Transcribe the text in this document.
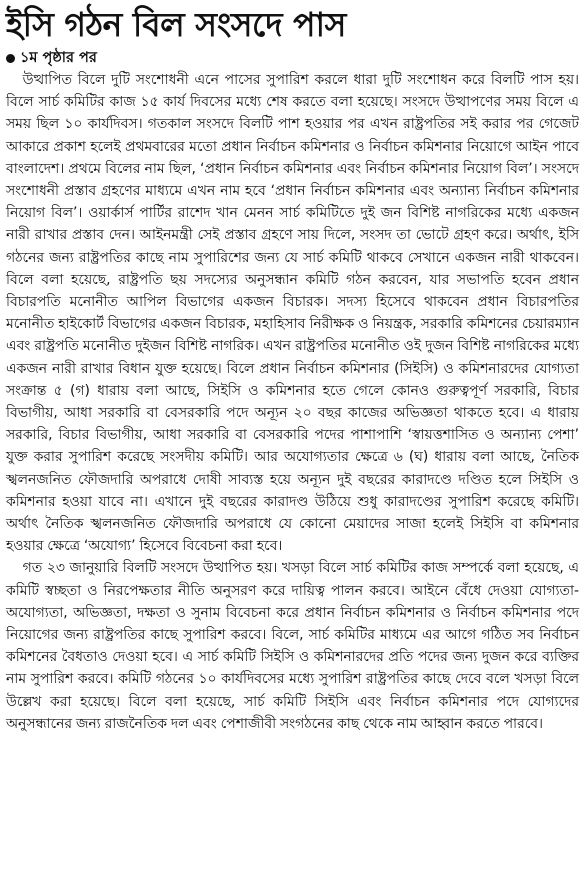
ইসি গঠন বিল সংসদে পাস
১ম পৃষ্ঠার পর

উত্থাপিত বিলে দুটি সংশোধনী এনে পাসের সুপারিশ করলে ধারা দুটি সংশোধন করে বিলটি পাস হয়। বিলে সার্চ কমিটির কাজ ১৫ কার্য দিবসের মধ্যে শেষ করতে বলা হয়েছে। সংসদে উত্থাপণের সময় বিলে এ সময় ছিল ১০ কার্যদিবস। গতকাল সংসদে বিলটি পাশ হওয়ার পর এখন রাষ্ট্রপতির সই করার পর গেজেট আকারে প্রকাশ হলেই প্রথমবারের মতো প্রধান নির্বাচন কমিশনার ও নির্বাচন কমিশনার নিয়োগে আইন পাবে বাংলাদেশ। প্রথমে বিলের নাম ছিল, ‘প্রধান নির্বাচন কমিশনার এবং নির্বাচন কমিশনার নিয়োগ বিল’। সংসদে সংশোধনী প্রস্তাব গ্রহণের মাধ্যমে এখন নাম হবে ‘প্রধান নির্বাচন কমিশনার এবং অন্যান্য নির্বাচন কমিশনার নিয়োগ বিল’। ওয়ার্কার্স পার্টির রাশেদ খান মেনন সার্চ কমিটিতে দুই জন বিশিষ্ট নাগরিকের মধ্যে একজন নারী রাখার প্রস্তাব দেন। আইনমন্ত্রী সেই প্রস্তাব গ্রহণে সায় দিলে, সংসদ তা ভোটে গ্রহণ করে। অর্থাৎ, ইসি গঠনের জন্য রাষ্ট্রপতির কাছে নাম সুপারিশের জন্য যে সার্চ কমিটি থাকবে সেখানে একজন নারী থাকবেন। বিলে বলা হয়েছে, রাষ্ট্রপতি ছয় সদস্যের অনুসন্ধান কমিটি গঠন করবেন, যার সভাপতি হবেন প্রধান বিচারপতি মনোনীত আপিল বিভাগের একজন বিচারক। সদস্য হিসেবে থাকবেন প্রধান বিচারপতির মনোনীত হাইকোর্ট বিভাগের একজন বিচারক, মহাহিসাব নিরীক্ষক ও নিয়ন্ত্রক, সরকারি কমিশনের চেয়ারম্যান এবং রাষ্ট্রপতি মনোনীত দুইজন বিশিষ্ট নাগরিক। এখন রাষ্ট্রপতির মনোনীত ওই দুজন বিশিষ্ট নাগরিকের মধ্যে একজন নারী রাখার বিধান যুক্ত হয়েছে। বিলে প্রধান নির্বাচন কমিশনার (সিইসি) ও কমিশনারদের যোগ্যতা সংক্রান্ত ৫ (গ) ধারায় বলা আছে, সিইসি ও কমিশনার হতে গেলে কোনও গুরুত্বপূর্ণ সরকারি, বিচার বিভাগীয়, আধা সরকারি বা বেসরকারি পদে অন্যূন ২০ বছর কাজের অভিজ্ঞতা থাকতে হবে। এ ধারায় সরকারি, বিচার বিভাগীয়, আধা সরকারি বা বেসরকারি পদের পাশাপাশি ‘স্বায়ত্তশাসিত ও অন্যান্য পেশা’ যুক্ত করার সুপারিশ করেছে সংসদীয় কমিটি। আর অযোগ্যতার ক্ষেত্রে ৬ (ঘ) ধারায় বলা আছে, নৈতিক স্খলনজনিত ফৌজদারি অপরাধে দোষী সাব্যস্ত হয়ে অন্যূন দুই বছরের কারাদণ্ডে দণ্ডিত হলে সিইসি ও কমিশনার হওয়া যাবে না। এখানে দুই বছরের কারাদণ্ড উঠিয়ে শুধু কারাদণ্ডের সুপারিশ করেছে কমিটি। অর্থাৎ নৈতিক স্খলনজনিত ফৌজদারি অপরাধে যে কোনো মেয়াদের সাজা হলেই সিইসি বা কমিশনার হওয়ার ক্ষেত্রে ‘অযোগ্য’ হিসেবে বিবেচনা করা হবে।

গত ২৩ জানুয়ারি বিলটি সংসদে উত্থাপিত হয়। খসড়া বিলে সার্চ কমিটির কাজ সম্পর্কে বলা হয়েছে, এ কমিটি স্বচ্ছতা ও নিরপেক্ষতার নীতি অনুসরণ করে দায়িত্ব পালন করবে। আইনে বেঁধে দেওয়া যোগ্যতা-অযোগ্যতা, অভিজ্ঞতা, দক্ষতা ও সুনাম বিবেচনা করে প্রধান নির্বাচন কমিশনার ও নির্বাচন কমিশনার পদে নিয়োগের জন্য রাষ্ট্রপতির কাছে সুপারিশ করবে। বিলে, সার্চ কমিটির মাধ্যমে এর আগে গঠিত সব নির্বাচন কমিশনের বৈধতাও দেওয়া হবে। এ সার্চ কমিটি সিইসি ও কমিশনারদের প্রতি পদের জন্য দুজন করে ব্যক্তির নাম সুপারিশ করবে। কমিটি গঠনের ১০ কার্যদিবসের মধ্যে সুপারিশ রাষ্ট্রপতির কাছে দেবে বলে খসড়া বিলে উল্লেখ করা হয়েছে। বিলে বলা হয়েছে, সার্চ কমিটি সিইসি এবং নির্বাচন কমিশনার পদে যোগ্যদের অনুসন্ধানের জন্য রাজনৈতিক দল এবং পেশাজীবী সংগঠনের কাছ থেকে নাম আহ্বান করতে পারবে।
